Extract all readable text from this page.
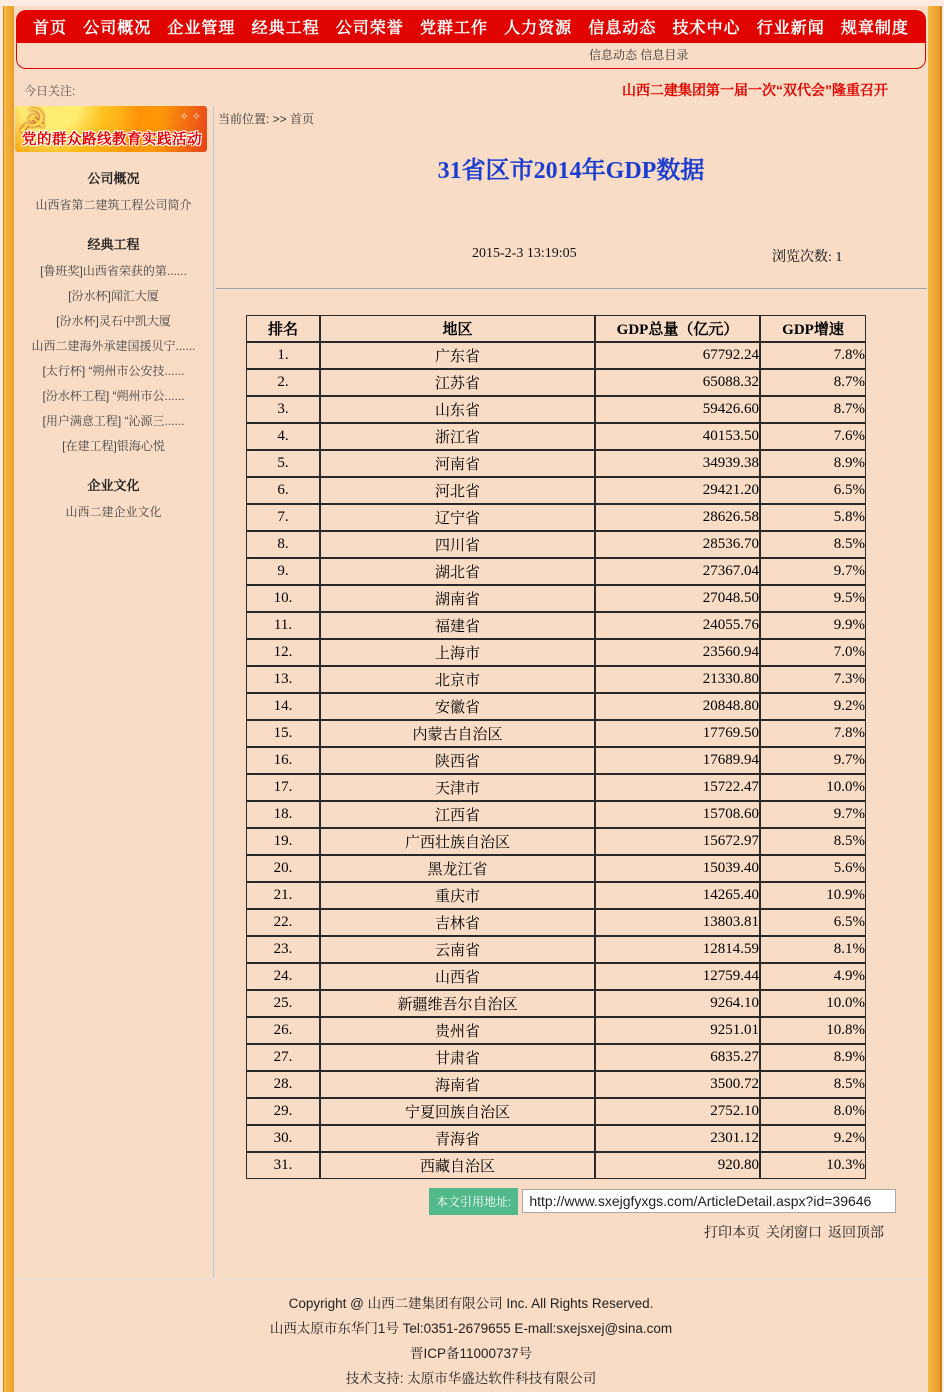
首页 公司概况 企业管理 经典工程 公司荣誉 党群工作 人力资源 信息动态 技术中心 行业新闻 规章制度
信息动态 信息目录
今日关注:	山西二建集团第一届一次“双代会”隆重召开
☭	✧ ✧
党的群众路线教育实践活动
公司概况
山西省第二建筑工程公司简介
经典工程
[鲁班奖]山西省荣获的第......
[汾水杯]闻汇大厦
[汾水杯]灵石中凯大厦
山西二建海外承建国援贝宁......
[太行杯] “朔州市公安技......
[汾水杯工程] “朔州市公......
[用户满意工程] “沁源三......
[在建工程]银海心悦
企业文化
山西二建企业文化
当前位置: >> 首页
31省区市2014年GDP数据
2015-2-3 13:19:05	浏览次数: 1
排名	地区	GDP总量（亿元）	GDP增速
1.	广东省	67792.24	7.8%
2.	江苏省	65088.32	8.7%
3.	山东省	59426.60	8.7%
4.	浙江省	40153.50	7.6%
5.	河南省	34939.38	8.9%
6.	河北省	29421.20	6.5%
7.	辽宁省	28626.58	5.8%
8.	四川省	28536.70	8.5%
9.	湖北省	27367.04	9.7%
10.	湖南省	27048.50	9.5%
11.	福建省	24055.76	9.9%
12.	上海市	23560.94	7.0%
13.	北京市	21330.80	7.3%
14.	安徽省	20848.80	9.2%
15.	内蒙古自治区	17769.50	7.8%
16.	陕西省	17689.94	9.7%
17.	天津市	15722.47	10.0%
18.	江西省	15708.60	9.7%
19.	广西壮族自治区	15672.97	8.5%
20.	黑龙江省	15039.40	5.6%
21.	重庆市	14265.40	10.9%
22.	吉林省	13803.81	6.5%
23.	云南省	12814.59	8.1%
24.	山西省	12759.44	4.9%
25.	新疆维吾尔自治区	9264.10	10.0%
26.	贵州省	9251.01	10.8%
27.	甘肃省	6835.27	8.9%
28.	海南省	3500.72	8.5%
29.	宁夏回族自治区	2752.10	8.0%
30.	青海省	2301.12	9.2%
31.	西藏自治区	920.80	10.3%
本文引用地址:
http://www.sxejgfyxgs.com/ArticleDetail.aspx?id=39646
打印本页 关闭窗口 返回顶部
Copyright @ 山西二建集团有限公司 Inc. All Rights Reserved.
山西太原市东华门1号 Tel:0351-2679655 E-mall:sxejsxej@sina.com
晋ICP备11000737号
技术支持: 太原市华盛达软件科技有限公司
